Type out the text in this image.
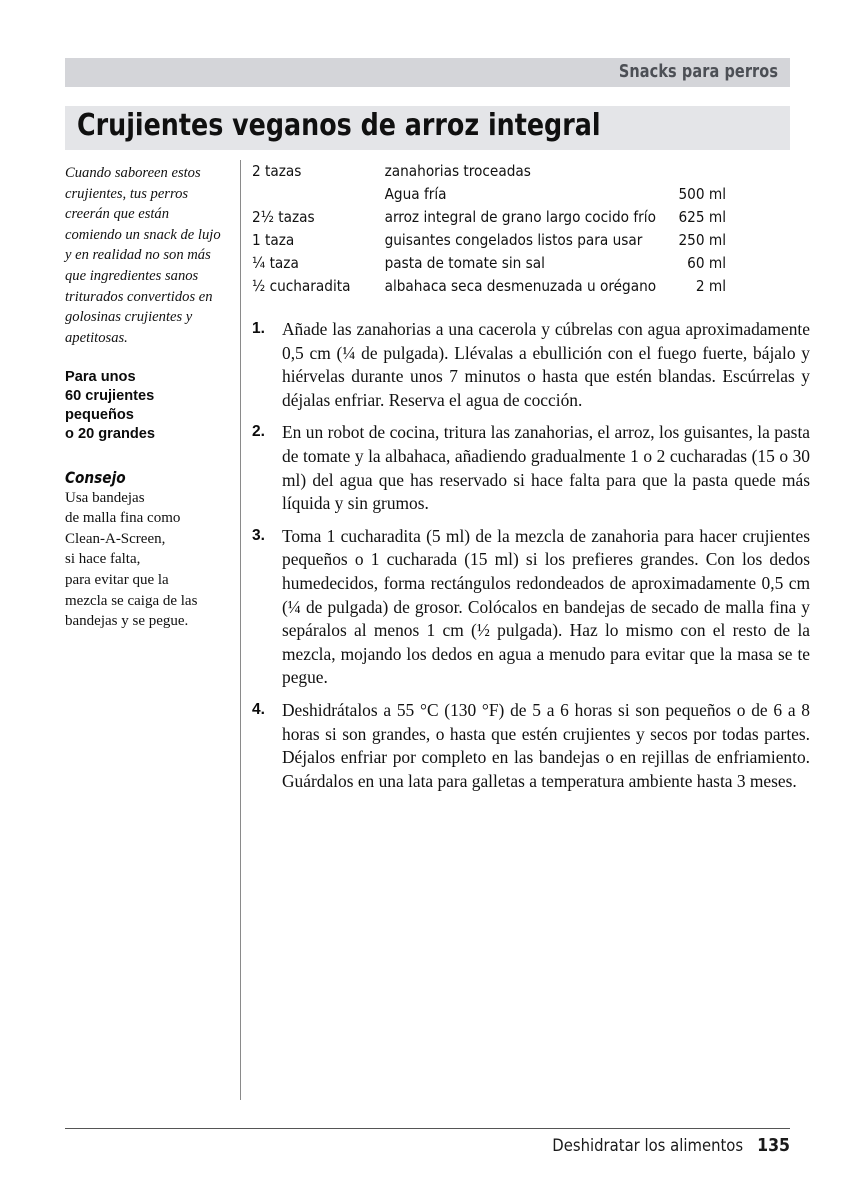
Snacks para perros
Crujientes veganos de arroz integral
Cuando saboreen estos crujientes, tus perros creerán que están comiendo un snack de lujo y en realidad no son más que ingredientes sanos triturados convertidos en golosinas crujientes y apetitosas.
Para unos
60 crujientes
pequeños
o 20 grandes
Consejo
Usa bandejas
de malla fina como
Clean-A-Screen,
si hace falta,
para evitar que la
mezcla se caiga de las
bandejas y se pegue.
2 tazas	zanahorias troceadas	
	Agua fría	500 ml
2½ tazas	arroz integral de grano largo cocido frío	625 ml
1 taza	guisantes congelados listos para usar	250 ml
¼ taza	pasta de tomate sin sal	60 ml
½ cucharadita	albahaca seca desmenuzada u orégano	2 ml
1. Añade las zanahorias a una cacerola y cúbrelas con agua aproximadamente 0,5 cm (¼ de pulgada). Llévalas a ebullición con el fuego fuerte, bájalo y hiérvelas durante unos 7 minutos o hasta que estén blandas. Escúrrelas y déjalas enfriar. Reserva el agua de cocción.
2. En un robot de cocina, tritura las zanahorias, el arroz, los guisantes, la pasta de tomate y la albahaca, añadiendo gradualmente 1 o 2 cucharadas (15 o 30 ml) del agua que has reservado si hace falta para que la pasta quede más líquida y sin grumos.
3. Toma 1 cucharadita (5 ml) de la mezcla de zanahoria para hacer crujientes pequeños o 1 cucharada (15 ml) si los prefieres grandes. Con los dedos humedecidos, forma rectángulos redondeados de aproximadamente 0,5 cm (¼ de pulgada) de grosor. Colócalos en bandejas de secado de malla fina y sepáralos al menos 1 cm (½ pulgada). Haz lo mismo con el resto de la mezcla, mojando los dedos en agua a menudo para evitar que la masa se te pegue.
4. Deshidrátalos a 55 °C (130 °F) de 5 a 6 horas si son pequeños o de 6 a 8 horas si son grandes, o hasta que estén crujientes y secos por todas partes. Déjalos enfriar por completo en las bandejas o en rejillas de enfriamiento. Guárdalos en una lata para galletas a temperatura ambiente hasta 3 meses.
Deshidratar los alimentos 135
